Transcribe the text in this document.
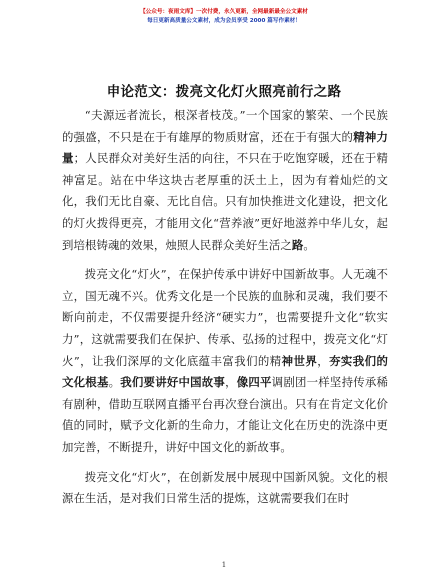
【公众号：夜雨文库】一次付费，永久更新，全网最新最全公文素材
每日更新高质量公文素材，成为会员享受 2000 篇写作素材！
申论范文：拨亮文化灯火照亮前行之路

“夫源远者流长，根深者枝茂。”一个国家的繁荣、一个民族的强盛，不只是在于有雄厚的物质财富，还在于有强大的精神力量；人民群众对美好生活的向往，不只在于吃饱穿暖，还在于精神富足。站在中华这块古老厚重的沃土上，因为有着灿烂的文化，我们无比自豪、无比自信。只有加快推进文化建设，把文化的灯火拨得更亮，才能用文化“营养液”更好地滋养中华儿女，起到培根铸魂的效果，烛照人民群众美好生活之路。

拨亮文化“灯火”，在保护传承中讲好中国新故事。人无魂不立，国无魂不兴。优秀文化是一个民族的血脉和灵魂，我们要不断向前走，不仅需要提升经济“硬实力”，也需要提升文化“软实力”，这就需要我们在保护、传承、弘扬的过程中，拨亮文化“灯火”，让我们深厚的文化底蕴丰富我们的精神世界，夯实我们的文化根基。我们要讲好中国故事，像四平调剧团一样坚持传承稀有剧种，借助互联网直播平台再次登台演出。只有在肯定文化价值的同时，赋予文化新的生命力，才能让文化在历史的洗涤中更加完善，不断提升，讲好中国文化的新故事。

拨亮文化“灯火”，在创新发展中展现中国新风貌。文化的根源在生活，是对我们日常生活的提炼，这就需要我们在时

1
